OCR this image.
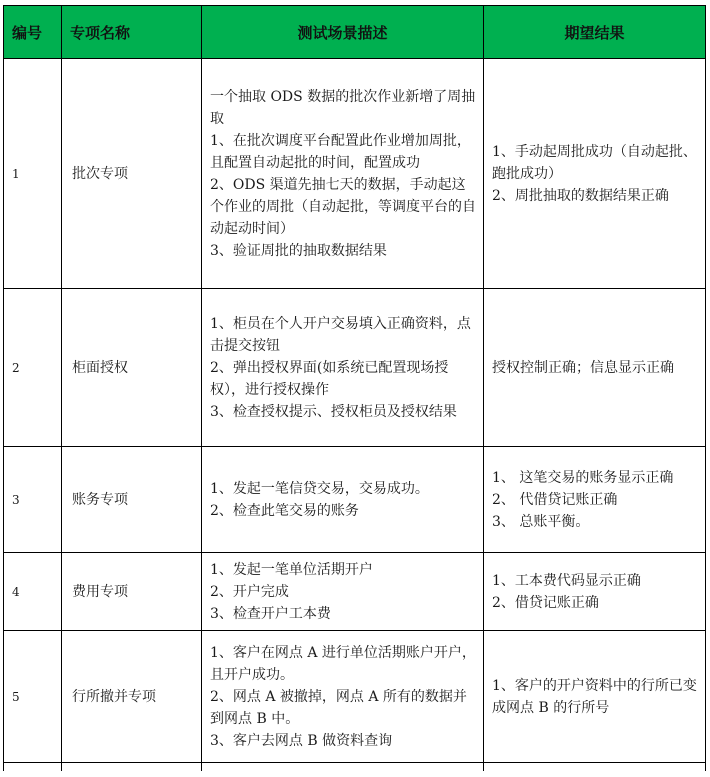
编号	专项名称	测试场景描述	期望结果
1	批次专项	一个抽取 ODS 数据的批次作业新增了周抽取
1、在批次调度平台配置此作业增加周批，且配置自动起批的时间，配置成功
2、ODS 渠道先抽七天的数据，手动起这个作业的周批（自动起批，等调度平台的自动起动时间）
3、验证周批的抽取数据结果	1、手动起周批成功（自动起批、跑批成功）
2、周批抽取的数据结果正确

2	柜面授权	1、柜员在个人开户交易填入正确资料，点击提交按钮
2、弹出授权界面(如系统已配置现场授权），进行授权操作
3、检查授权提示、授权柜员及授权结果	授权控制正确；信息显示正确

3	账务专项	1、发起一笔信贷交易，交易成功。
2、检查此笔交易的账务	1、 这笔交易的账务显示正确
2、 代借贷记账正确
3、 总账平衡。

4	费用专项	1、发起一笔单位活期开户
2、开户完成
3、检查开户工本费	1、工本费代码显示正确
2、借贷记账正确

5	行所撤并专项	1、客户在网点 A 进行单位活期账户开户，且开户成功。
2、网点 A 被撤掉，网点 A 所有的数据并到网点 B 中。
3、客户去网点 B 做资料查询	1、客户的开户资料中的行所已变成网点 B 的行所号
